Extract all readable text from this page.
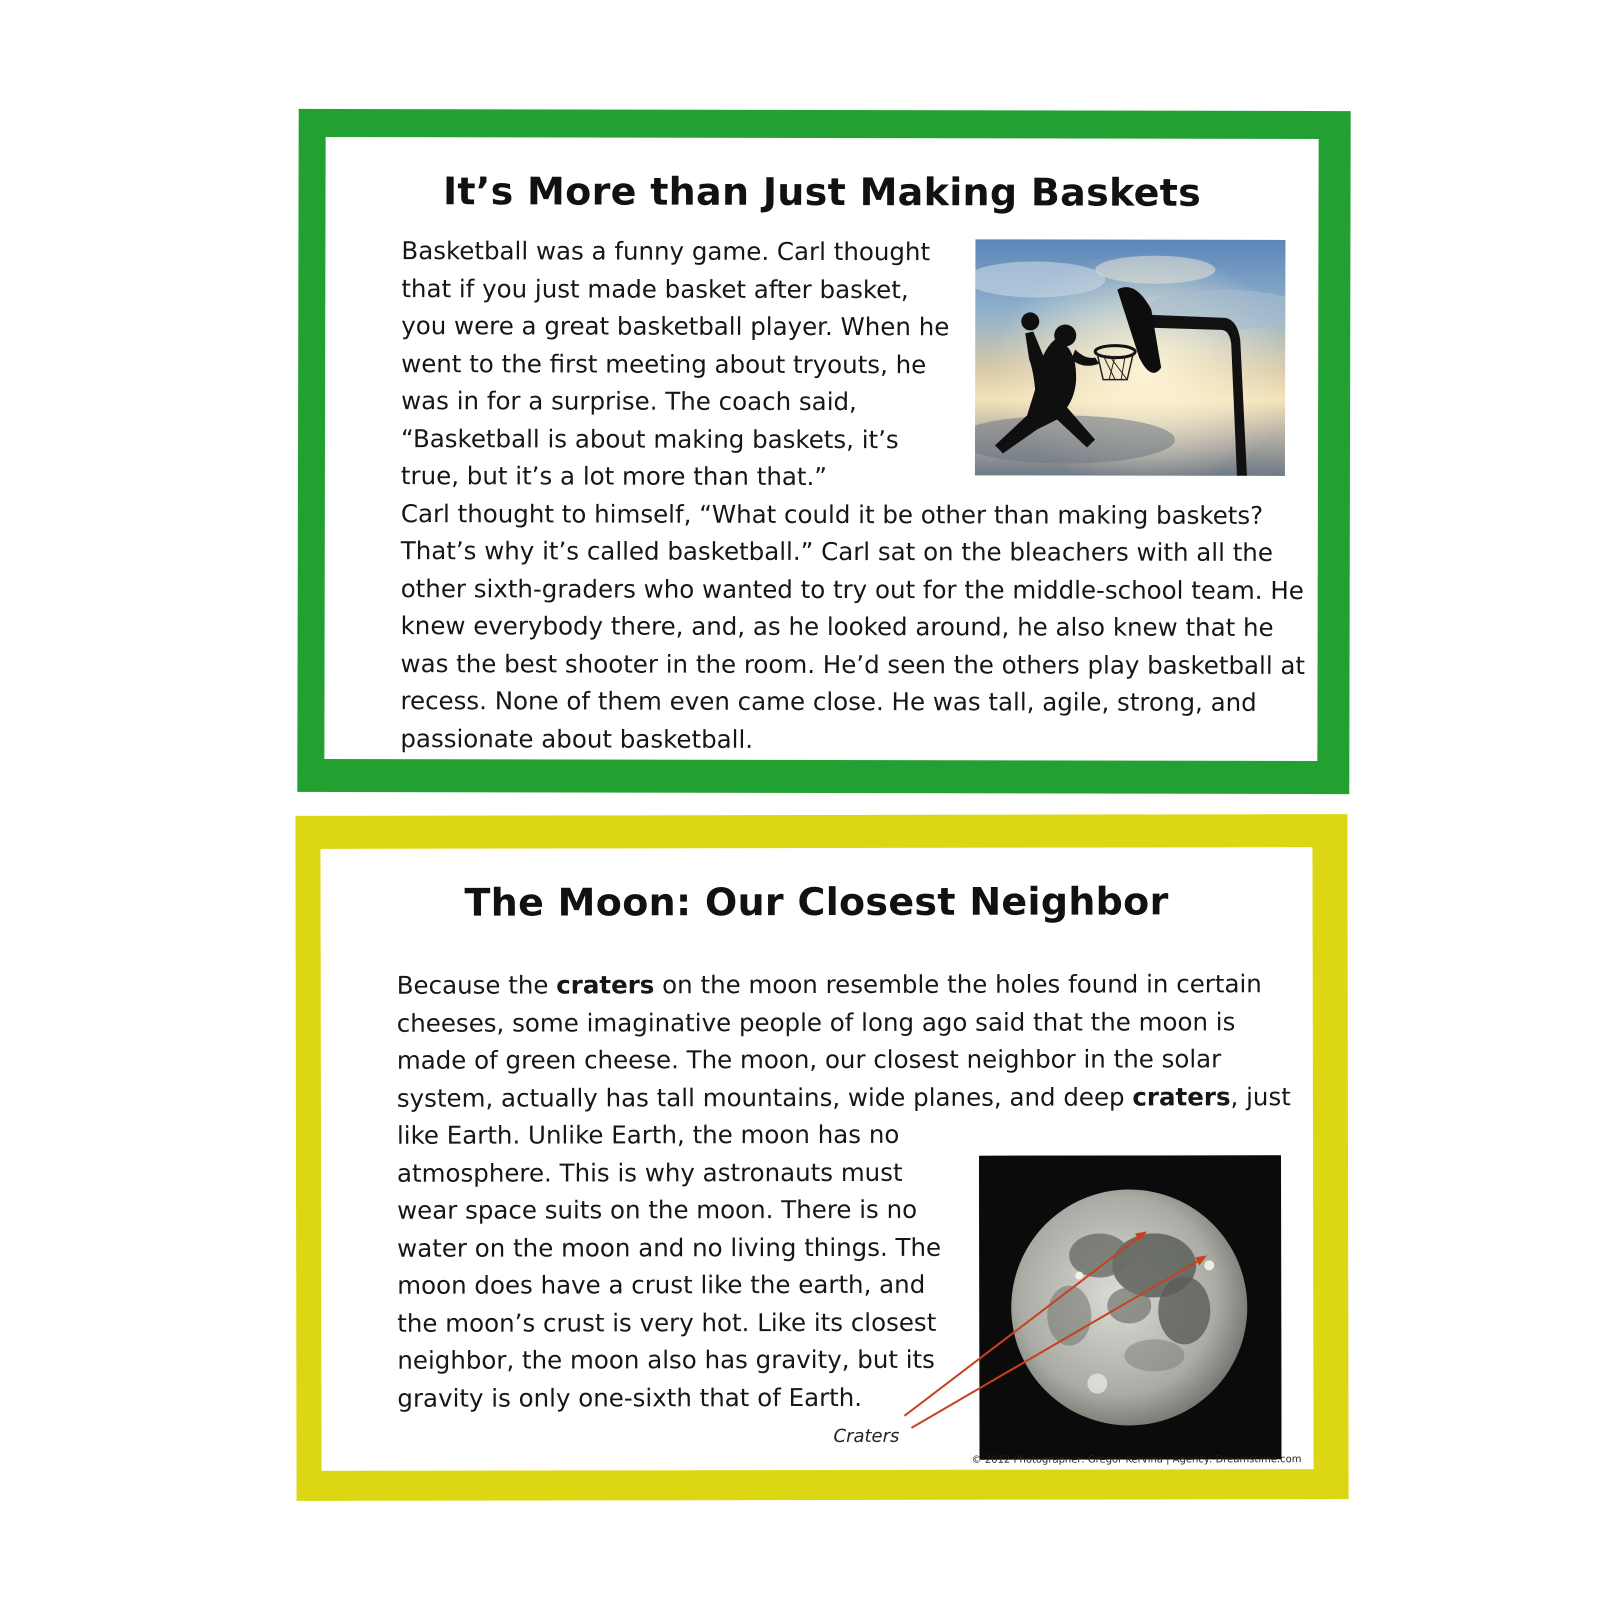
It’s More than Just Making Baskets

Basketball was a funny game. Carl thought that if you just made basket after basket, you were a great basketball player. When he went to the first meeting about tryouts, he was in for a surprise. The coach said, “Basketball is about making baskets, it’s true, but it’s a lot more than that.”

Carl thought to himself, “What could it be other than making baskets? That’s why it’s called basketball.” Carl sat on the bleachers with all the other sixth-graders who wanted to try out for the middle-school team. He knew everybody there, and, as he looked around, he also knew that he was the best shooter in the room. He’d seen the others play basketball at recess. None of them even came close. He was tall, agile, strong, and passionate about basketball.

The Moon: Our Closest Neighbor

Because the craters on the moon resemble the holes found in certain cheeses, some imaginative people of long ago said that the moon is made of green cheese. The moon, our closest neighbor in the solar system, actually has tall mountains, wide planes, and deep
craters, just like Earth. Unlike Earth, the moon has no atmosphere. This is why astronauts must wear space suits on the moon. There is no water on the moon and no living things. The moon does have a crust like the earth, and the moon’s crust is very hot. Like its closest neighbor, the moon also has gravity, but its gravity is only one-sixth that of Earth.

Craters
© 2012 Photographer: Gregor Kervina | Agency: Dreamstime.com
